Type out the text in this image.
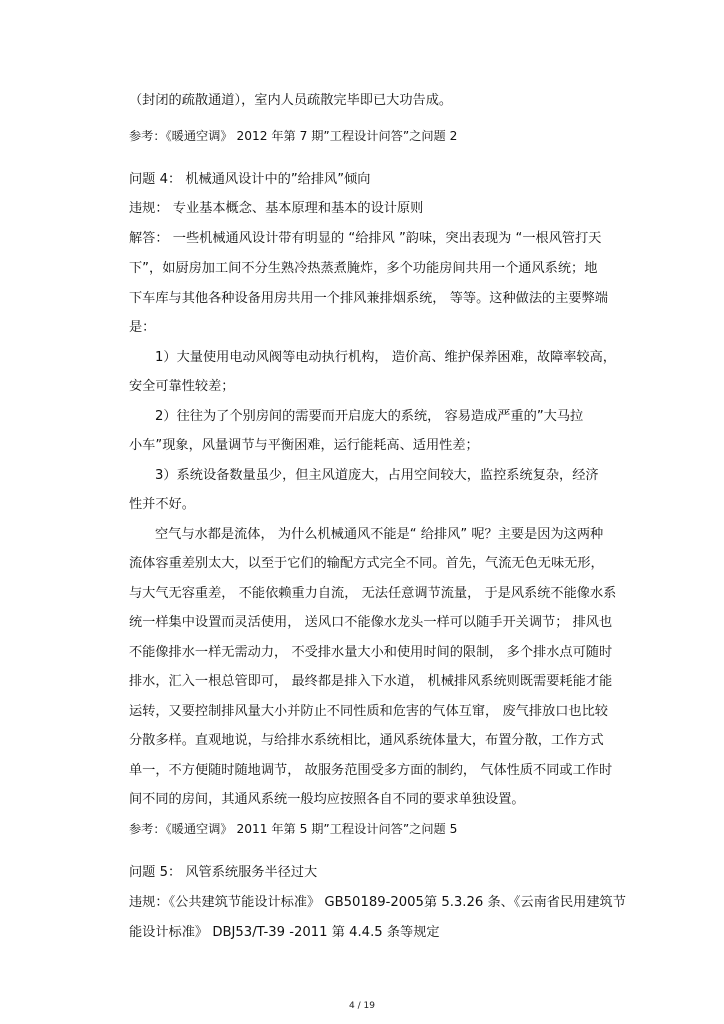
（封闭的疏散通道），室内人员疏散完毕即已大功告成。
参考：《暖通空调》 2012 年第 7 期”工程设计问答”之问题 2
问题 4： 机械通风设计中的”给排风”倾向
违规： 专业基本概念、基本原理和基本的设计原则
解答： 一些机械通风设计带有明显的 “给排风 ”韵味，突出表现为 “一根风管打天
下”，如厨房加工间不分生熟冷热蒸煮腌炸，多个功能房间共用一个通风系统；地
下车库与其他各种设备用房共用一个排风兼排烟系统， 等等。这种做法的主要弊端
是：
1）大量使用电动风阀等电动执行机构， 造价高、维护保养困难，故障率较高，
安全可靠性较差；
2）往往为了个别房间的需要而开启庞大的系统， 容易造成严重的”大马拉
小车”现象，风量调节与平衡困难，运行能耗高、适用性差；
3）系统设备数量虽少，但主风道庞大，占用空间较大，监控系统复杂，经济
性并不好。
空气与水都是流体， 为什么机械通风不能是“ 给排风” 呢？主要是因为这两种
流体容重差别太大，以至于它们的输配方式完全不同。首先，气流无色无味无形，
与大气无容重差， 不能依赖重力自流， 无法任意调节流量， 于是风系统不能像水系
统一样集中设置而灵活使用， 送风口不能像水龙头一样可以随手开关调节； 排风也
不能像排水一样无需动力， 不受排水量大小和使用时间的限制， 多个排水点可随时
排水，汇入一根总管即可， 最终都是排入下水道， 机械排风系统则既需要耗能才能
运转，又要控制排风量大小并防止不同性质和危害的气体互窜， 废气排放口也比较
分散多样。直观地说，与给排水系统相比，通风系统体量大，布置分散，工作方式
单一，不方便随时随地调节， 故服务范围受多方面的制约， 气体性质不同或工作时
间不同的房间，其通风系统一般均应按照各自不同的要求单独设置。
参考：《暖通空调》 2011 年第 5 期”工程设计问答”之问题 5
问题 5： 风管系统服务半径过大
违规：《公共建筑节能设计标准》 GB50189-2005第 5.3.26 条、《云南省民用建筑节
能设计标准》 DBJ53/T-39 -2011 第 4.4.5 条等规定
4 / 19
